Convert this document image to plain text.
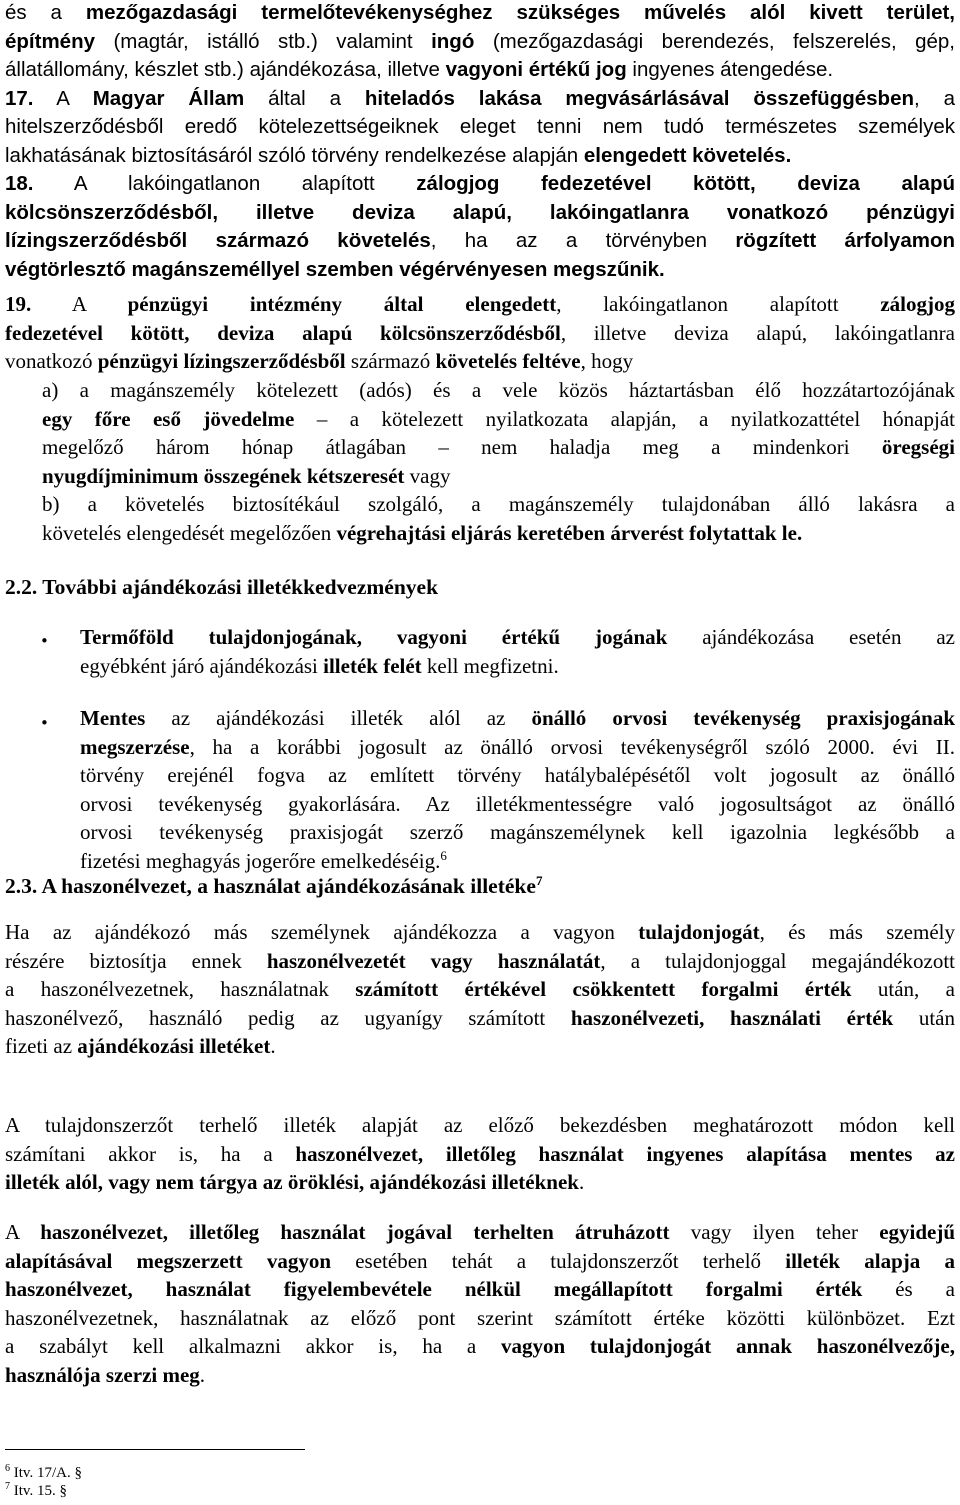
és a mezőgazdasági termelőtevékenységhez szükséges művelés alól kivett terület,
építmény (magtár, istálló stb.) valamint ingó (mezőgazdasági berendezés, felszerelés, gép,
állatállomány, készlet stb.) ajándékozása, illetve vagyoni értékű jog ingyenes átengedése.
17. A Magyar Állam által a hiteladós lakása megvásárlásával összefüggésben, a
hitelszerződésből eredő kötelezettségeiknek eleget tenni nem tudó természetes személyek
lakhatásának biztosításáról szóló törvény rendelkezése alapján elengedett követelés.
18. A lakóingatlanon alapított zálogjog fedezetével kötött, deviza alapú
kölcsönszerződésből, illetve deviza alapú, lakóingatlanra vonatkozó pénzügyi
lízingszerződésből származó követelés, ha az a törvényben rögzített árfolyamon
végtörlesztő magánszeméllyel szemben végérvényesen megszűnik.
19. A pénzügyi intézmény által elengedett, lakóingatlanon alapított zálogjog
fedezetével kötött, deviza alapú kölcsönszerződésből, illetve deviza alapú, lakóingatlanra
vonatkozó pénzügyi lízingszerződésből származó követelés feltéve, hogy
a) a magánszemély kötelezett (adós) és a vele közös háztartásban élő hozzátartozójának
egy főre eső jövedelme – a kötelezett nyilatkozata alapján, a nyilatkozattétel hónapját
megelőző három hónap átlagában – nem haladja meg a mindenkori öregségi
nyugdíjminimum összegének kétszeresét vagy
b) a követelés biztosítékául szolgáló, a magánszemély tulajdonában álló lakásra a
követelés elengedését megelőzően végrehajtási eljárás keretében árverést folytattak le.
2.2. További ajándékozási illetékkedvezmények
• Termőföld tulajdonjogának, vagyoni értékű jogának ajándékozása esetén az
egyébként járó ajándékozási illeték felét kell megfizetni.
• Mentes az ajándékozási illeték alól az önálló orvosi tevékenység praxisjogának
megszerzése, ha a korábbi jogosult az önálló orvosi tevékenységről szóló 2000. évi II.
törvény erejénél fogva az említett törvény hatálybalépésétől volt jogosult az önálló
orvosi tevékenység gyakorlására. Az illetékmentességre való jogosultságot az önálló
orvosi tevékenység praxisjogát szerző magánszemélynek kell igazolnia legkésőbb a
fizetési meghagyás jogerőre emelkedéséig.$^6$
2.3. A haszonélvezet, a használat ajándékozásának illetéke$^7$
Ha az ajándékozó más személynek ajándékozza a vagyon tulajdonjogát, és más személy
részére biztosítja ennek haszonélvezetét vagy használatát, a tulajdonjoggal megajándékozott
a haszonélvezetnek, használatnak számított értékével csökkentett forgalmi érték után, a
haszonélvező, használó pedig az ugyanígy számított haszonélvezeti, használati érték után
fizeti az ajándékozási illetéket.
A tulajdonszerzőt terhelő illeték alapját az előző bekezdésben meghatározott módon kell
számítani akkor is, ha a haszonélvezet, illetőleg használat ingyenes alapítása mentes az
illeték alól, vagy nem tárgya az öröklési, ajándékozási illetéknek.
A haszonélvezet, illetőleg használat jogával terhelten átruházott vagy ilyen teher egyidejű
alapításával megszerzett vagyon esetében tehát a tulajdonszerzőt terhelő illeték alapja a
haszonélvezet, használat figyelembevétele nélkül megállapított forgalmi érték és a
haszonélvezetnek, használatnak az előző pont szerint számított értéke közötti különbözet. Ezt
a szabályt kell alkalmazni akkor is, ha a vagyon tulajdonjogát annak haszonélvezője,
használója szerzi meg.

$^6$ Itv. 17/A. §

$^7$ Itv. 15. §
